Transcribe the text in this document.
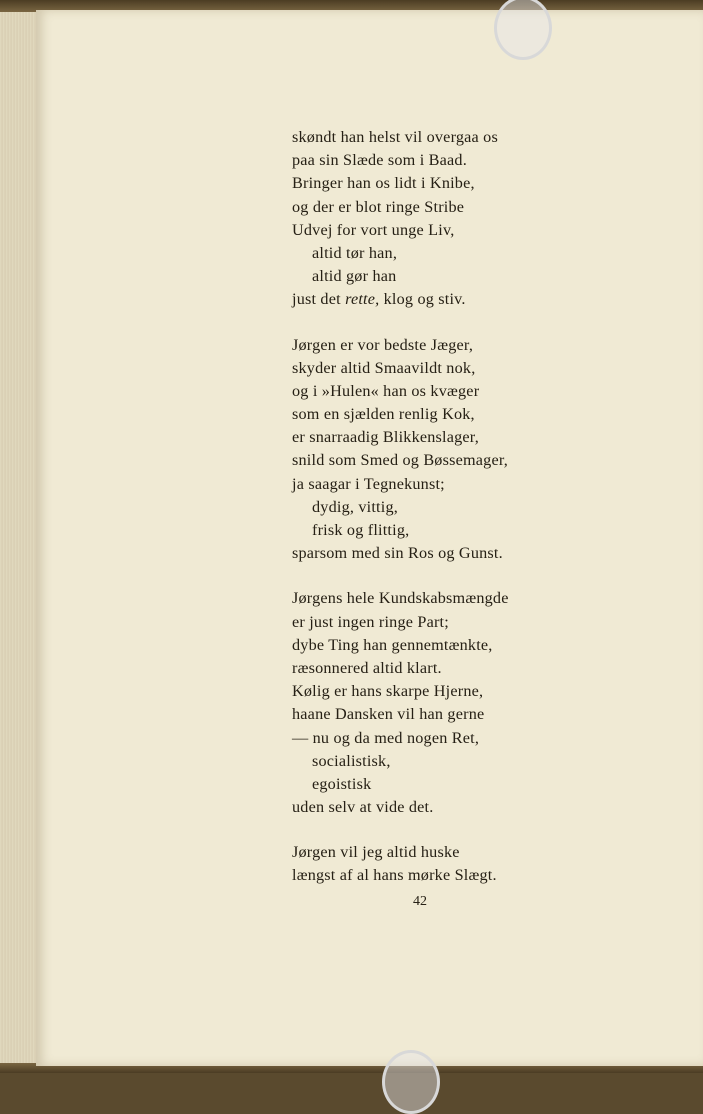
skøndt han helst vil overgaa os
paa sin Slæde som i Baad.
Bringer han os lidt i Knibe,
og der er blot ringe Stribe
Udvej for vort unge Liv,
altid tør han,
altid gør han
just det rette, klog og stiv.
Jørgen er vor bedste Jæger,
skyder altid Smaavildt nok,
og i »Hulen« han os kvæger
som en sjælden renlig Kok,
er snarraadig Blikkenslager,
snild som Smed og Bøssemager,
ja saagar i Tegnekunst;
dydig, vittig,
frisk og flittig,
sparsom med sin Ros og Gunst.
Jørgens hele Kundskabsmængde
er just ingen ringe Part;
dybe Ting han gennemtænkte,
ræsonnered altid klart.
Kølig er hans skarpe Hjerne,
haane Dansken vil han gerne
— nu og da med nogen Ret,
socialistisk,
egoistisk
uden selv at vide det.
Jørgen vil jeg altid huske
længst af al hans mørke Slægt.
42
